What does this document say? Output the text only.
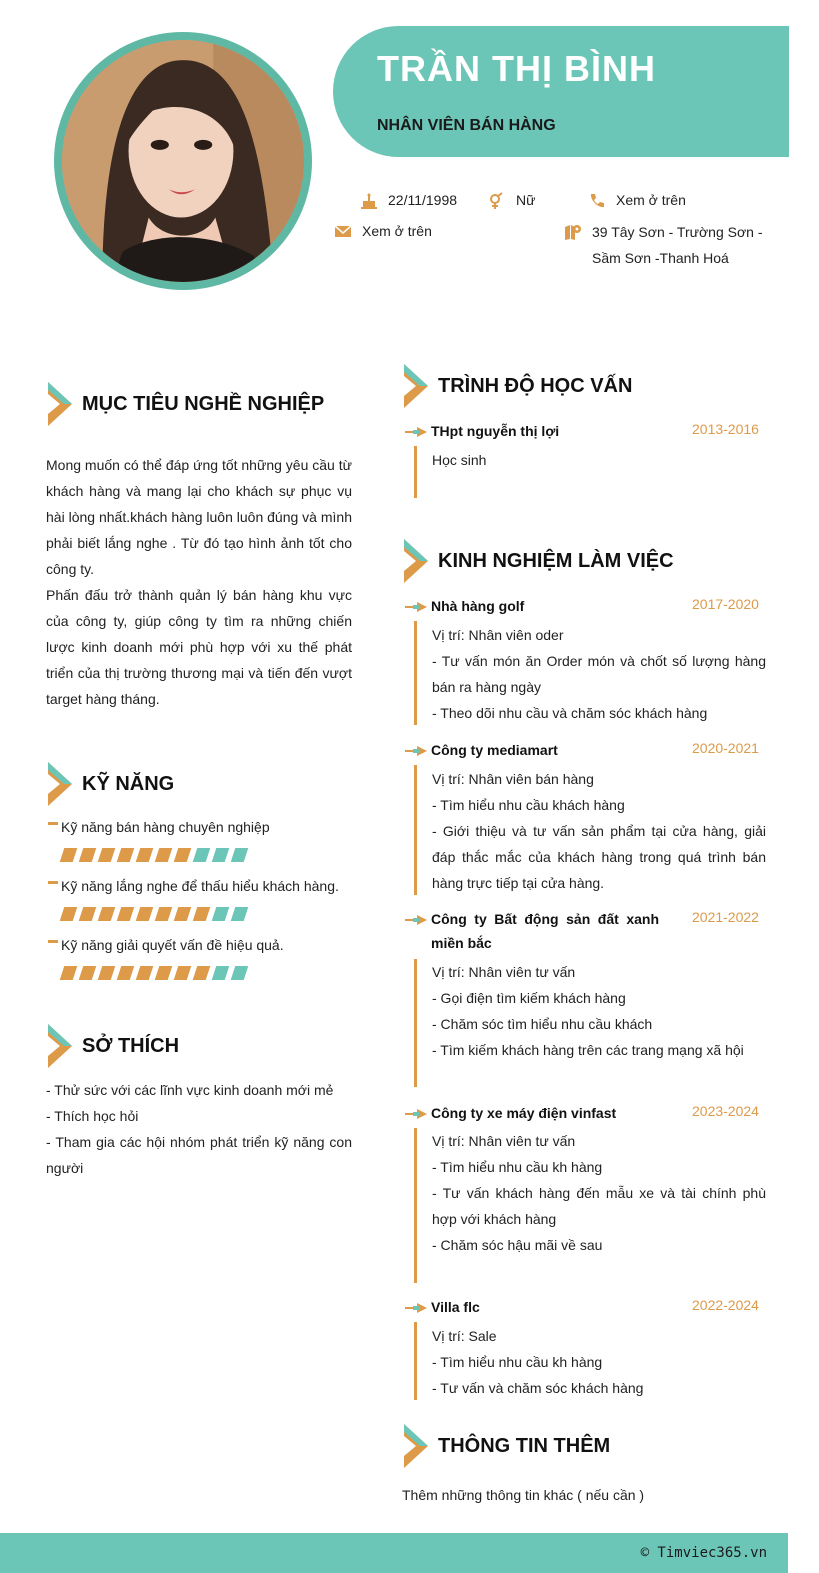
TRẦN THỊ BÌNH
NHÂN VIÊN BÁN HÀNG
22/11/1998	Nữ	Xem ở trên
Xem ở trên	39 Tây Sơn - Trường Sơn -
Sầm Sơn -Thanh Hoá
MỤC TIÊU NGHỀ NGHIỆP
Mong muốn có thể đáp ứng tốt những yêu cầu từ khách hàng và mang lại cho khách sự phục vụ hài lòng nhất.khách hàng luôn luôn đúng và mình phải biết lắng nghe . Từ đó tạo hình ảnh tốt cho công ty.
Phấn đấu trở thành quản lý bán hàng khu vực của công ty, giúp công ty tìm ra những chiến lược kinh doanh mới phù hợp với xu thế phát triển của thị trường thương mại và tiến đến vượt target hàng tháng.
KỸ NĂNG
Kỹ năng bán hàng chuyên nghiệp
Kỹ năng lắng nghe để thấu hiểu khách hàng.
Kỹ năng giải quyết vấn đề hiệu quả.
SỞ THÍCH
- Thử sức với các lĩnh vực kinh doanh mới mẻ
- Thích học hỏi
- Tham gia các hội nhóm phát triển kỹ năng con người
TRÌNH ĐỘ HỌC VẤN
THpt nguyễn thị lợi	2013-2016
Học sinh
KINH NGHIỆM LÀM VIỆC
Nhà hàng golf	2017-2020
Vị trí: Nhân viên oder
- Tư vấn món ăn Order món và chốt số lượng hàng bán ra hàng ngày
- Theo dõi nhu cầu và chăm sóc khách hàng
Công ty mediamart	2020-2021
Vị trí: Nhân viên bán hàng
- Tìm hiểu nhu cầu khách hàng
- Giới thiệu và tư vấn sản phẩm tại cửa hàng, giải đáp thắc mắc của khách hàng trong quá trình bán hàng trực tiếp tại cửa hàng.
Công ty Bất động sản đất xanh miền bắc
2021-2022
Vị trí: Nhân viên tư vấn
- Gọi điện tìm kiếm khách hàng
- Chăm sóc tìm hiểu nhu cầu khách
- Tìm kiếm khách hàng trên các trang mạng xã hội
Công ty xe máy điện vinfast	2023-2024
Vị trí: Nhân viên tư vấn
- Tìm hiểu nhu cầu kh hàng
- Tư vấn khách hàng đến mẫu xe và tài chính phù hợp với khách hàng
- Chăm sóc hậu mãi về sau
Villa flc	2022-2024
Vị trí: Sale
- Tìm hiểu nhu cầu kh hàng
- Tư vấn và chăm sóc khách hàng
THÔNG TIN THÊM
Thêm những thông tin khác ( nếu cần )
© Timviec365.vn
